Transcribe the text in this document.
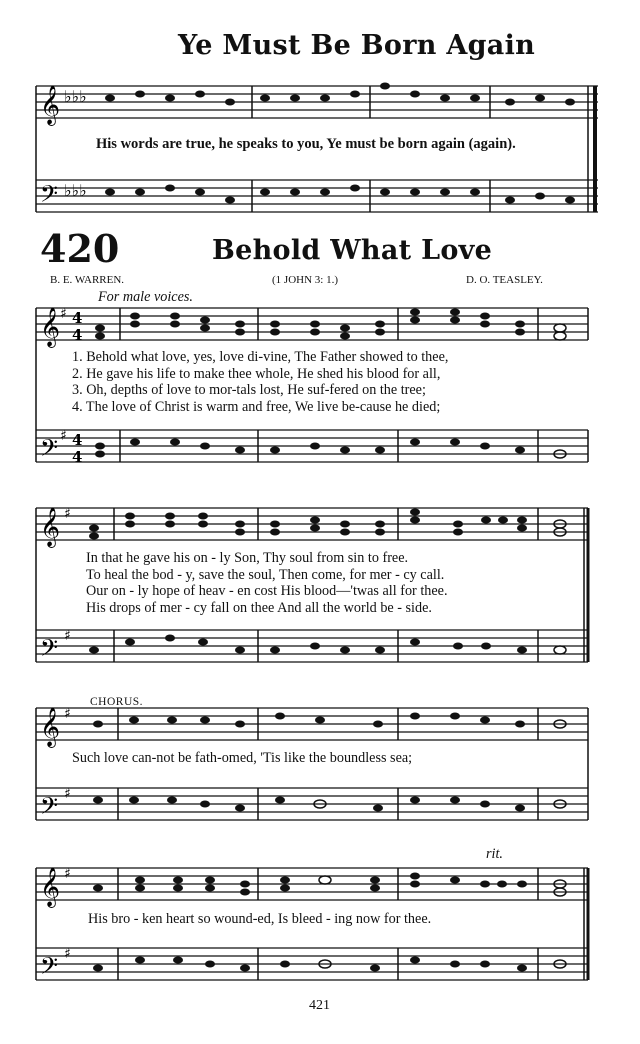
Ye Must Be Born Again
𝄞
𝄢
♭♭♭
♭♭♭
His words are true, he speaks to you, Ye must be born again (again).
420	Behold What Love
B. E. WARREN.	(1 JOHN 3: 1.)	D. O. TEASLEY.
For male voices.
𝄞
𝄢
♯
♯
4
4
4
4
1. Behold what love, yes, love di-vine, The Father showed to thee,
2. He gave his life to make thee whole, He shed his blood for all,
3. Oh, depths of love to mor-tals lost, He suf-fered on the tree;
4. The love of Christ is warm and free, We live be-cause he died;
𝄞
𝄢
♯
♯
In that he gave his on - ly Son, Thy soul from sin to free.
To heal the bod - y, save the soul, Then come, for mer - cy call.
Our on - ly hope of heav - en cost His blood—'twas all for thee.
His drops of mer - cy fall on thee And all the world be - side.
CHORUS.
𝄞
𝄢
♯
♯
Such love can-not be fath-omed, 'Tis like the boundless sea;
rit.
𝄞
𝄢
♯
♯
His bro - ken heart so wound-ed, Is bleed - ing now for thee.
421
